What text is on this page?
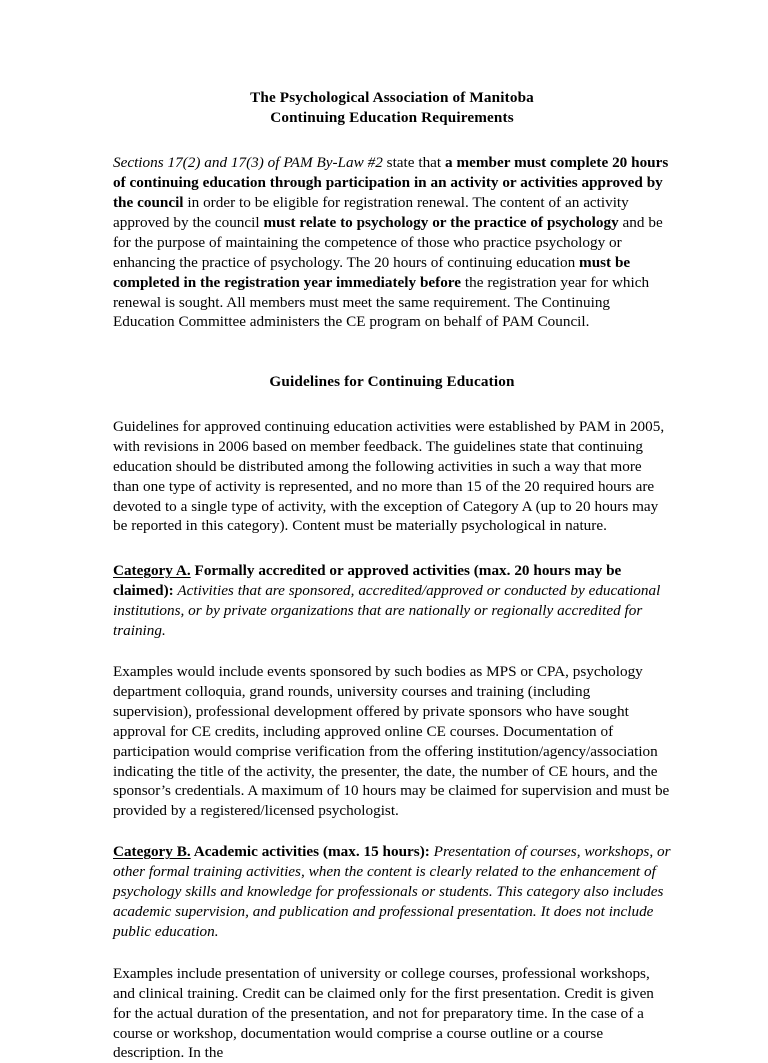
The Psychological Association of Manitoba
Continuing Education Requirements

Sections 17(2) and 17(3) of PAM By-Law #2 state that a member must complete 20 hours of continuing education through participation in an activity or activities approved by the council in order to be eligible for registration renewal. The content of an activity approved by the council must relate to psychology or the practice of psychology and be for the purpose of maintaining the competence of those who practice psychology or enhancing the practice of psychology. The 20 hours of continuing education must be completed in the registration year immediately before the registration year for which renewal is sought. All members must meet the same requirement. The Continuing Education Committee administers the CE program on behalf of PAM Council.

Guidelines for Continuing Education

Guidelines for approved continuing education activities were established by PAM in 2005, with revisions in 2006 based on member feedback. The guidelines state that continuing education should be distributed among the following activities in such a way that more than one type of activity is represented, and no more than 15 of the 20 required hours are devoted to a single type of activity, with the exception of Category A (up to 20 hours may be reported in this category). Content must be materially psychological in nature.

Category A. Formally accredited or approved activities (max. 20 hours may be claimed): Activities that are sponsored, accredited/approved or conducted by educational institutions, or by private organizations that are nationally or regionally accredited for training.

Examples would include events sponsored by such bodies as MPS or CPA, psychology department colloquia, grand rounds, university courses and training (including supervision), professional development offered by private sponsors who have sought approval for CE credits, including approved online CE courses. Documentation of participation would comprise verification from the offering institution/agency/association indicating the title of the activity, the presenter, the date, the number of CE hours, and the sponsor’s credentials. A maximum of 10 hours may be claimed for supervision and must be provided by a registered/licensed psychologist.

Category B. Academic activities (max. 15 hours): Presentation of courses, workshops, or other formal training activities, when the content is clearly related to the enhancement of psychology skills and knowledge for professionals or students. This category also includes academic supervision, and publication and professional presentation. It does not include public education.

Examples include presentation of university or college courses, professional workshops, and clinical training. Credit can be claimed only for the first presentation. Credit is given for the actual duration of the presentation, and not for preparatory time. In the case of a course or workshop, documentation would comprise a course outline or a course description. In the
